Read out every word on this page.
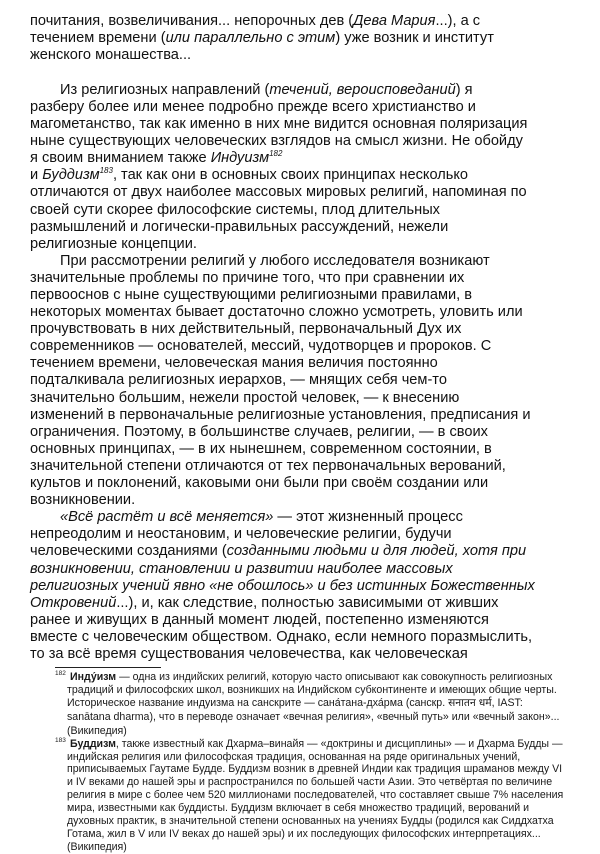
почитания, возвеличивания... непорочных дев (Дева Мария...), а с
течением времени (или параллельно с этим) уже возник и институт
женского монашества...
Из религиозных направлений (течений, вероисповеданий) я
разберу более или менее подробно прежде всего христианство и
магометанство, так как именно в них мне видится основная поляризация
ныне существующих человеческих взглядов на смысл жизни. Не обойду
я своим вниманием также Индуизм$^{182}$
и Буддизм$^{183}$, так как они в основных своих принципах несколько
отличаются от двух наиболее массовых мировых религий, напоминая по
своей сути скорее философские системы, плод длительных
размышлений и логически-правильных рассуждений, нежели
религиозные концепции.
При рассмотрении религий у любого исследователя возникают
значительные проблемы по причине того, что при сравнении их
первооснов с ныне существующими религиозными правилами, в
некоторых моментах бывает достаточно сложно усмотреть, уловить или
прочувствовать в них действительный, первоначальный Дух их
современников — основателей, мессий, чудотворцев и пророков. С
течением времени, человеческая мания величия постоянно
подталкивала религиозных иерархов, — мнящих себя чем-то
значительно большим, нежели простой человек, — к внесению
изменений в первоначальные религиозные установления, предписания и
ограничения. Поэтому, в большинстве случаев, религии, — в своих
основных принципах, — в их нынешнем, современном состоянии, в
значительной степени отличаются от тех первоначальных верований,
культов и поклонений, каковыми они были при своём создании или
возникновении.
«Всё растёт и всё меняется» — этот жизненный процесс
непреодолим и неостановим, и человеческие религии, будучи
человеческими созданиями (созданными людьми и для людей, хотя при
возникновении, становлении и развитии наиболее массовых
религиозных учений явно «не обошлось» и без истинных Божественных
Откровений...), и, как следствие, полностью зависимыми от живших
ранее и живущих в данный момент людей, постепенно изменяются
вместе с человеческим обществом. Однако, если немного поразмыслить,
то за всё время существования человечества, как человеческая
182 Инду́изм — одна из индийских религий, которую часто описывают как совокупность религиозных
традиций и философских школ, возникших на Индийском субконтиненте и имеющих общие черты.
Историческое название индуизма на санскрите — сана́тана-дха́рма (санскр. सनातन धर्म, IAST:
sanātana dharma), что в переводе означает «вечная религия», «вечный путь» или «вечный закон»...
(Википедия)
183 Буддизм, также известный как Дхарма–винайя — «доктрины и дисциплины» — и Дхарма Будды —
индийская религия или философская традиция, основанная на ряде оригинальных учений,
приписываемых Гаутаме Будде. Буддизм возник в древней Индии как традиция шраманов между VI
и IV веками до нашей эры и распространился по большей части Азии. Это четвёртая по величине
религия в мире с более чем 520 миллионами последователей, что составляет свыше 7% населения
мира, известными как буддисты. Буддизм включает в себя множество традиций, верований и
духовных практик, в значительной степени основанных на учениях Будды (родился как Сиддхатха
Готама, жил в V или IV веках до нашей эры) и их последующих философских интерпретациях...
(Википедия)
